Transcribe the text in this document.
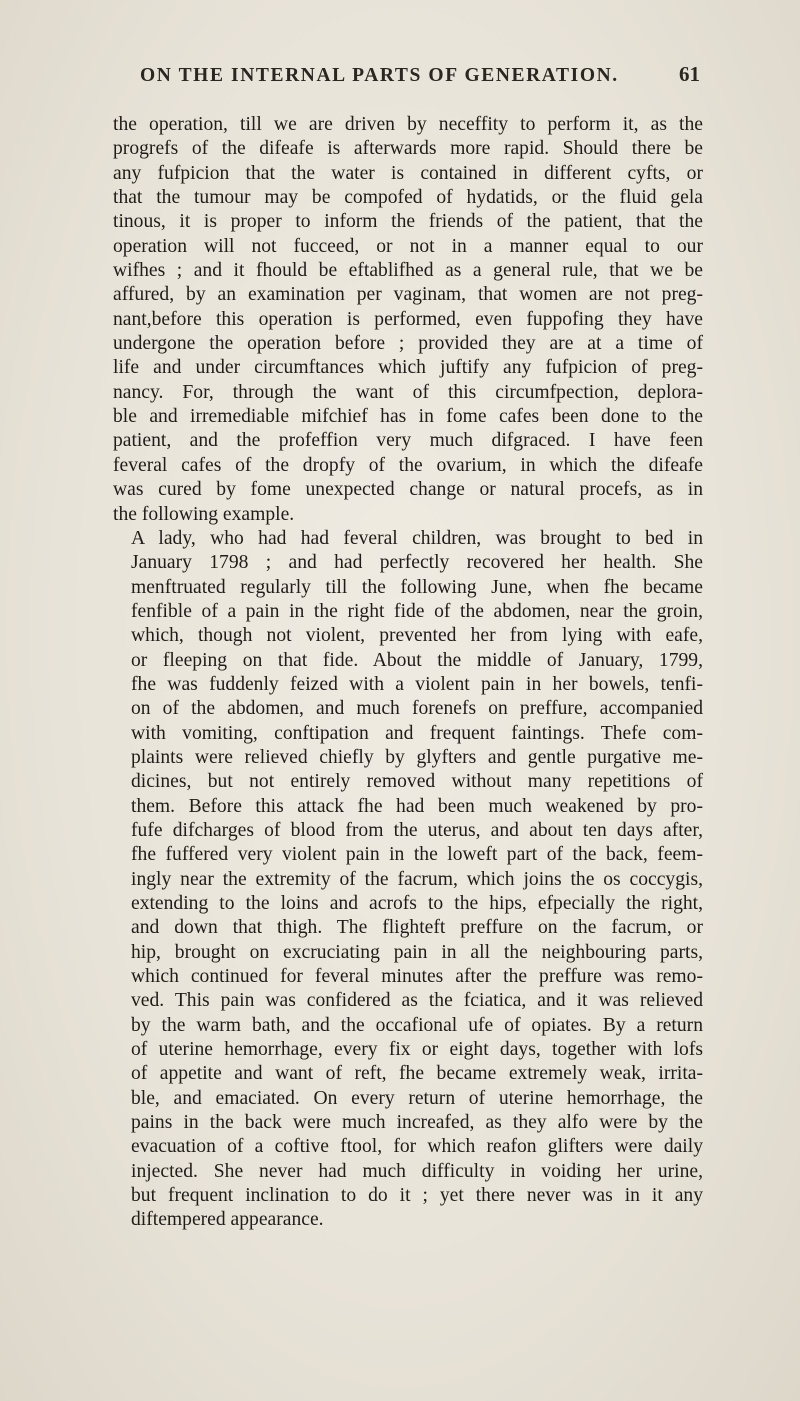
ON THE INTERNAL PARTS OF GENERATION.	61

the operation, till we are driven by neceffity to perform it, as the
progrefs of the difeafe is afterwards more rapid. Should there be
any fufpicion that the water is contained in different cyfts, or
that the tumour may be compofed of hydatids, or the fluid gela
tinous, it is proper to inform the friends of the patient, that the
operation will not fucceed, or not in a manner equal to our
wifhes ; and it fhould be eftablifhed as a general rule, that we be
affured, by an examination per vaginam, that women are not preg-
nant,before this operation is performed, even fuppofing they have
undergone the operation before ; provided they are at a time of
life and under circumftances which juftify any fufpicion of preg-
nancy. For, through the want of this circumfpection, deplora-
ble and irremediable mifchief has in fome cafes been done to the
patient, and the profeffion very much difgraced. I have feen
feveral cafes of the dropfy of the ovarium, in which the difeafe
was cured by fome unexpected change or natural procefs, as in
the following example.

A lady, who had had feveral children, was brought to bed in
January 1798 ; and had perfectly recovered her health. She
menftruated regularly till the following June, when fhe became
fenfible of a pain in the right fide of the abdomen, near the groin,
which, though not violent, prevented her from lying with eafe,
or fleeping on that fide. About the middle of January, 1799,
fhe was fuddenly feized with a violent pain in her bowels, tenfi-
on of the abdomen, and much forenefs on preffure, accompanied
with vomiting, conftipation and frequent faintings. Thefe com-
plaints were relieved chiefly by glyfters and gentle purgative me-
dicines, but not entirely removed without many repetitions of
them. Before this attack fhe had been much weakened by pro-
fufe difcharges of blood from the uterus, and about ten days after,
fhe fuffered very violent pain in the loweft part of the back, feem-
ingly near the extremity of the facrum, which joins the os coccygis,
extending to the loins and acrofs to the hips, efpecially the right,
and down that thigh. The flighteft preffure on the facrum, or
hip, brought on excruciating pain in all the neighbouring parts,
which continued for feveral minutes after the preffure was remo-
ved. This pain was confidered as the fciatica, and it was relieved
by the warm bath, and the occafional ufe of opiates. By a return
of uterine hemorrhage, every fix or eight days, together with lofs
of appetite and want of reft, fhe became extremely weak, irrita-
ble, and emaciated. On every return of uterine hemorrhage, the
pains in the back were much increafed, as they alfo were by the
evacuation of a coftive ftool, for which reafon glifters were daily
injected. She never had much difficulty in voiding her urine,
but frequent inclination to do it ; yet there never was in it any
diftempered appearance.
